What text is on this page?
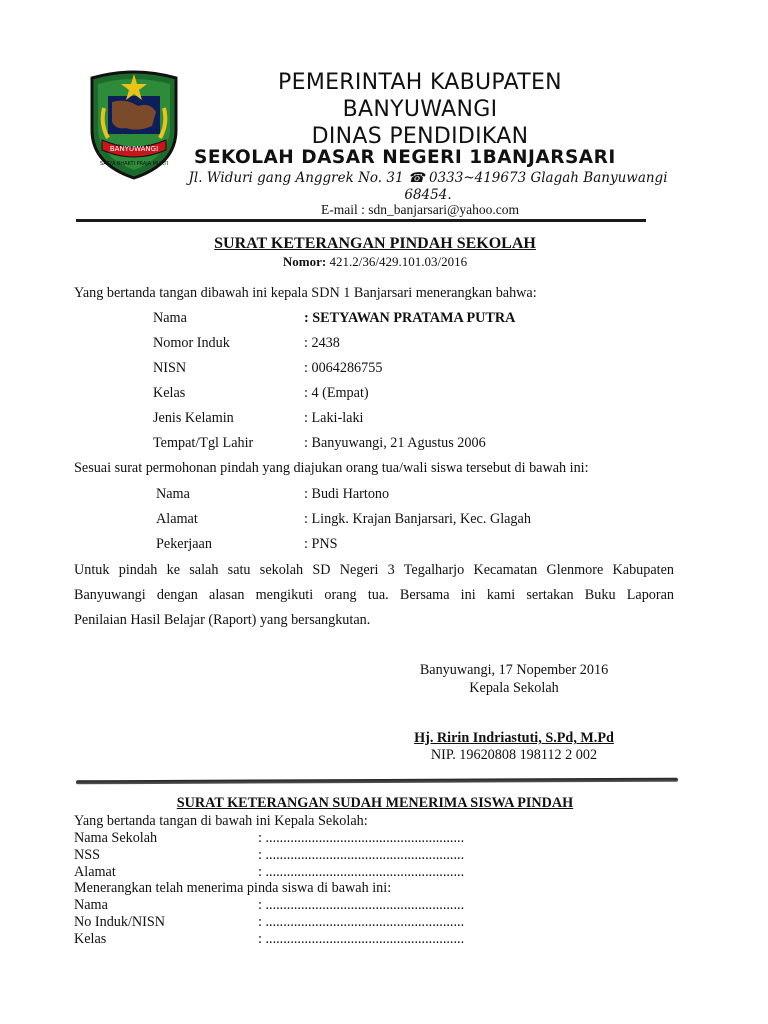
BANYUWANGI
SATYA BHAKTI PRAJA MUKTI
PEMERINTAH KABUPATEN
BANYUWANGI
DINAS PENDIDIKAN
SEKOLAH DASAR NEGERI 1BANJARSARI
Jl. Widuri gang Anggrek No. 31 ☎ 0333~419673 Glagah Banyuwangi
68454.
E-mail : sdn_banjarsari@yahoo.com
SURAT KETERANGAN PINDAH SEKOLAH
Nomor: 421.2/36/429.101.03/2016
Yang bertanda tangan dibawah ini kepala SDN 1 Banjarsari menerangkan bahwa:
Nama	: SETYAWAN PRATAMA PUTRA
Nomor Induk	: 2438
NISN	: 0064286755
Kelas	: 4 (Empat)
Jenis Kelamin	: Laki-laki
Tempat/Tgl Lahir	: Banyuwangi, 21 Agustus 2006
Sesuai surat permohonan pindah yang diajukan orang tua/wali siswa tersebut di bawah ini:
Nama	: Budi Hartono
Alamat	: Lingk. Krajan Banjarsari, Kec. Glagah
Pekerjaan	: PNS
Untuk pindah ke salah satu sekolah SD Negeri 3 Tegalharjo Kecamatan Glenmore Kabupaten
Banyuwangi dengan alasan mengikuti orang tua. Bersama ini kami sertakan Buku Laporan
Penilaian Hasil Belajar (Raport) yang bersangkutan.
Banyuwangi, 17 Nopember 2016
Kepala Sekolah
Hj. Ririn Indriastuti, S.Pd, M.Pd
NIP. 19620808 198112 2 002
SURAT KETERANGAN SUDAH MENERIMA SISWA PINDAH
Yang bertanda tangan di bawah ini Kepala Sekolah:
Nama Sekolah	: ........................................................
NSS	: ........................................................
Alamat	: ........................................................
Menerangkan telah menerima pinda siswa di bawah ini:
Nama	: ........................................................
No Induk/NISN	: ........................................................
Kelas	: ........................................................
